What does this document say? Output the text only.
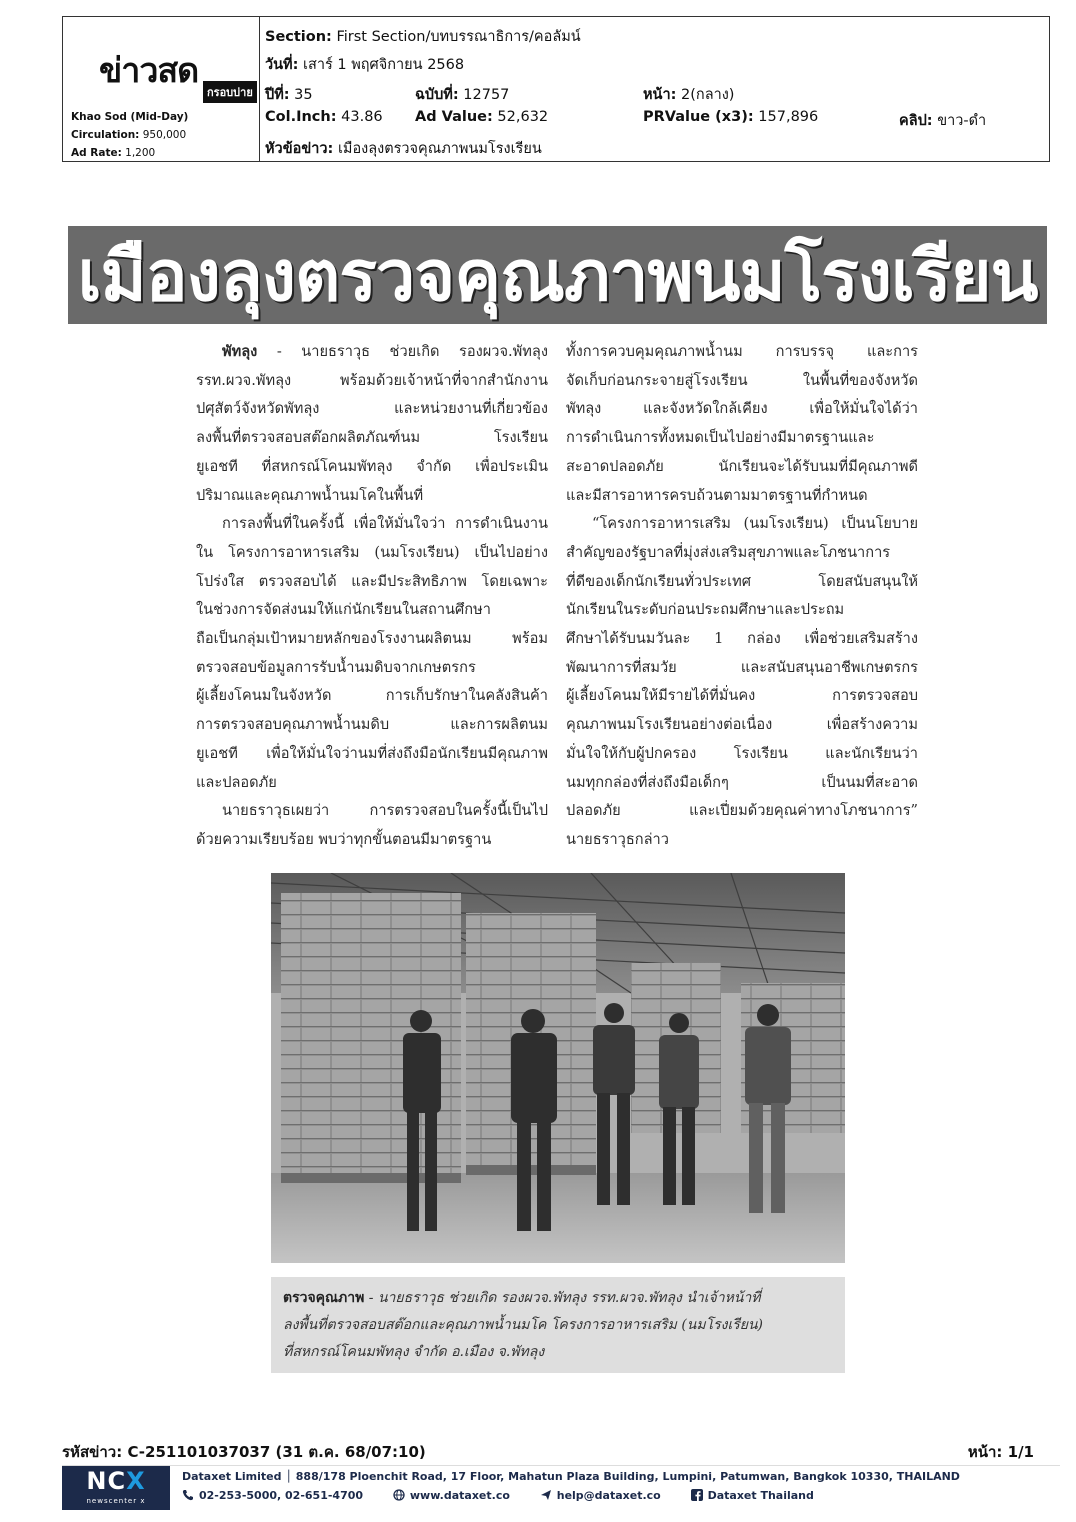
ข่าวสด
กรอบบ่าย
Khao Sod (Mid-Day)
Circulation: 950,000
Ad Rate: 1,200
Section: First Section/บทบรรณาธิการ/คอลัมน์
วันที่: เสาร์ 1 พฤศจิกายน 2568
ปีที่: 35	ฉบับที่: 12757	หน้า: 2(กลาง)
Col.Inch: 43.86 Ad Value: 52,632	PRValue (x3): 157,896	คลิป: ขาว-ดำ
หัวข้อข่าว: เมืองลุงตรวจคุณภาพนมโรงเรียน
เมืองลุงตรวจคุณภาพนมโรงเรียน
พัทลุง - นายธราวุธ ช่วยเกิด รองผวจ.พัทลุง
รรท.ผวจ.พัทลุง พร้อมด้วยเจ้าหน้าที่จากสำนักงาน
ปศุสัตว์จังหวัดพัทลุง และหน่วยงานที่เกี่ยวข้อง
ลงพื้นที่ตรวจสอบสต๊อกผลิตภัณฑ์นม โรงเรียน
ยูเอชที ที่สหกรณ์โคนมพัทลุง จำกัด เพื่อประเมิน
ปริมาณและคุณภาพน้ำนมโคในพื้นที่
การลงพื้นที่ในครั้งนี้ เพื่อให้มั่นใจว่า การดำเนินงาน
ใน โครงการอาหารเสริม (นมโรงเรียน) เป็นไปอย่าง
โปร่งใส ตรวจสอบได้ และมีประสิทธิภาพ โดยเฉพาะ
ในช่วงการจัดส่งนมให้แก่นักเรียนในสถานศึกษา
ถือเป็นกลุ่มเป้าหมายหลักของโรงงานผลิตนม พร้อม
ตรวจสอบข้อมูลการรับน้ำนมดิบจากเกษตรกร
ผู้เลี้ยงโคนมในจังหวัด การเก็บรักษาในคลังสินค้า
การตรวจสอบคุณภาพน้ำนมดิบ และการผลิตนม
ยูเอชที เพื่อให้มั่นใจว่านมที่ส่งถึงมือนักเรียนมีคุณภาพ
และปลอดภัย
นายธราวุธเผยว่า การตรวจสอบในครั้งนี้เป็นไป
ด้วยความเรียบร้อย พบว่าทุกขั้นตอนมีมาตรฐาน
ทั้งการควบคุมคุณภาพน้ำนม การบรรจุ และการ
จัดเก็บก่อนกระจายสู่โรงเรียน ในพื้นที่ของจังหวัด
พัทลุง และจังหวัดใกล้เคียง เพื่อให้มั่นใจได้ว่า
การดำเนินการทั้งหมดเป็นไปอย่างมีมาตรฐานและ
สะอาดปลอดภัย นักเรียนจะได้รับนมที่มีคุณภาพดี
และมีสารอาหารครบถ้วนตามมาตรฐานที่กำหนด
“โครงการอาหารเสริม (นมโรงเรียน) เป็นนโยบาย
สำคัญของรัฐบาลที่มุ่งส่งเสริมสุขภาพและโภชนาการ
ที่ดีของเด็กนักเรียนทั่วประเทศ โดยสนับสนุนให้
นักเรียนในระดับก่อนประถมศึกษาและประถม
ศึกษาได้รับนมวันละ 1 กล่อง เพื่อช่วยเสริมสร้าง
พัฒนาการที่สมวัย และสนับสนุนอาชีพเกษตรกร
ผู้เลี้ยงโคนมให้มีรายได้ที่มั่นคง การตรวจสอบ
คุณภาพนมโรงเรียนอย่างต่อเนื่อง เพื่อสร้างความ
มั่นใจให้กับผู้ปกครอง โรงเรียน และนักเรียนว่า
นมทุกกล่องที่ส่งถึงมือเด็กๆ เป็นนมที่สะอาด
ปลอดภัย และเปี่ยมด้วยคุณค่าทางโภชนาการ”
นายธราวุธกล่าว
ตรวจคุณภาพ - นายธราวุธ ช่วยเกิด รองผวจ.พัทลุง รรท.ผวจ.พัทลุง นำเจ้าหน้าที่
ลงพื้นที่ตรวจสอบสต๊อกและคุณภาพน้ำนมโค โครงการอาหารเสริม (นมโรงเรียน)
ที่สหกรณ์โคนมพัทลุง จำกัด อ.เมือง จ.พัทลุง
รหัสข่าว: C-251101037037 (31 ต.ค. 68/07:10)	หน้า: 1/1
NCX
newscenter x
Dataxet Limited │ 888/178 Ploenchit Road, 17 Floor, Mahatun Plaza Building, Lumpini, Patumwan, Bangkok 10330, THAILAND
02-253-5000, 02-651-4700	www.dataxet.co	help@dataxet.co	Dataxet Thailand
